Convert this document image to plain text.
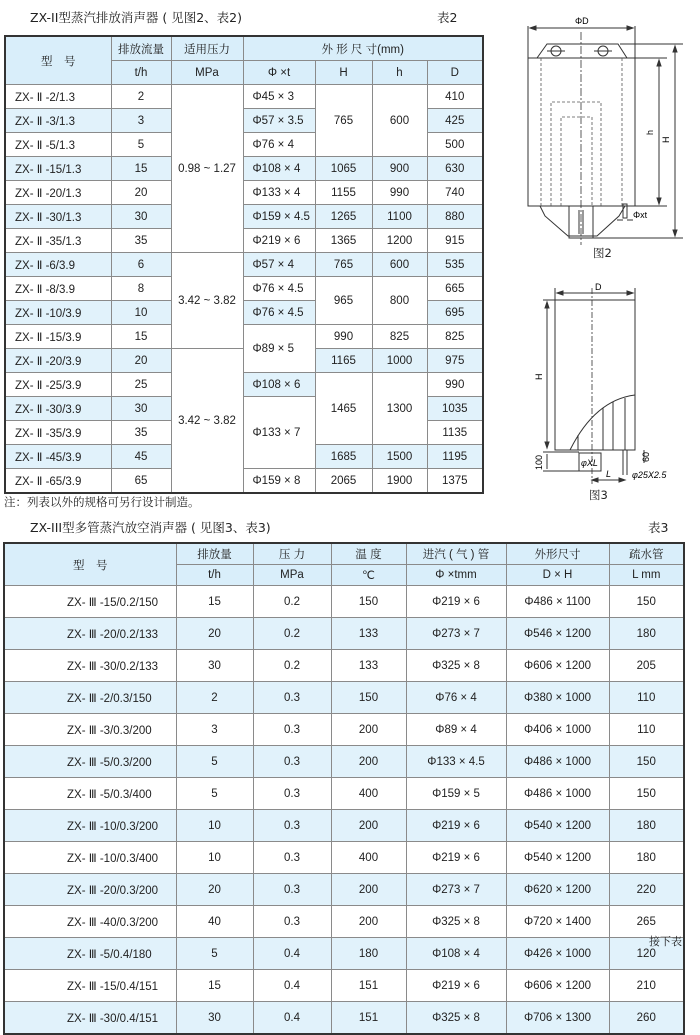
ZX-II型蒸汽排放消声器 ( 见图2、表2)	表2
型　号	排放流量	适用压力	外 形 尺 寸(mm)			
	t/h	MPa	Φ ×t	H	h	D
ZX- Ⅱ -2/1.3	2	0.98 ~ 1.27	Φ45 × 3	765	600	410
ZX- Ⅱ -3/1.3	3		Φ57 × 3.5			425
ZX- Ⅱ -5/1.3	5		Φ76 × 4			500
ZX- Ⅱ -15/1.3	15		Φ108 × 4	1065	900	630
ZX- Ⅱ -20/1.3	20		Φ133 × 4	1155	990	740
ZX- Ⅱ -30/1.3	30		Φ159 × 4.5	1265	1100	880
ZX- Ⅱ -35/1.3	35		Φ219 × 6	1365	1200	915
ZX- Ⅱ -6/3.9	6	3.42 ~ 3.82	Φ57 × 4	765	600	535
ZX- Ⅱ -8/3.9	8		Φ76 × 4.5	965	800	665
ZX- Ⅱ -10/3.9	10		Φ76 × 4.5			695
ZX- Ⅱ -15/3.9	15		Φ89 × 5	990	825	825
ZX- Ⅱ -20/3.9	20	3.42 ~ 3.82		1165	1000	975
ZX- Ⅱ -25/3.9	25		Φ108 × 6	1465	1300	990
ZX- Ⅱ -30/3.9	30		Φ133 × 7			1035
ZX- Ⅱ -35/3.9	35					1135
ZX- Ⅱ -45/3.9	45			1685	1500	1195
ZX- Ⅱ -65/3.9	65		Φ159 × 8	2065	1900	1375
注：列表以外的规格可另行设计制造。
ΦD
h
H
Φxt
图2
D
H
100	60
φXL
φ25X2.5
L
图3
ZX-III型多管蒸汽放空消声器 ( 见图3、表3)	表3
型　号	排放量	压 力	温 度	进汽 ( 气 ) 管	外形尺寸	疏水管
	t/h	MPa	℃	Φ ×tmm	D × H	L mm
ZX- Ⅲ -15/0.2/150	15	0.2	150	Φ219 × 6	Φ486 × 1100	150
ZX- Ⅲ -20/0.2/133	20	0.2	133	Φ273 × 7	Φ546 × 1200	180
ZX- Ⅲ -30/0.2/133	30	0.2	133	Φ325 × 8	Φ606 × 1200	205
ZX- Ⅲ -2/0.3/150	2	0.3	150	Φ76 × 4	Φ380 × 1000	110
ZX- Ⅲ -3/0.3/200	3	0.3	200	Φ89 × 4	Φ406 × 1000	110
ZX- Ⅲ -5/0.3/200	5	0.3	200	Φ133 × 4.5	Φ486 × 1000	150
ZX- Ⅲ -5/0.3/400	5	0.3	400	Φ159 × 5	Φ486 × 1000	150
ZX- Ⅲ -10/0.3/200	10	0.3	200	Φ219 × 6	Φ540 × 1200	180
ZX- Ⅲ -10/0.3/400	10	0.3	400	Φ219 × 6	Φ540 × 1200	180
ZX- Ⅲ -20/0.3/200	20	0.3	200	Φ273 × 7	Φ620 × 1200	220
ZX- Ⅲ -40/0.3/200	40	0.3	200	Φ325 × 8	Φ720 × 1400	265
ZX- Ⅲ -5/0.4/180	5	0.4	180	Φ108 × 4	Φ426 × 1000	120
ZX- Ⅲ -15/0.4/151	15	0.4	151	Φ219 × 6	Φ606 × 1200	210
ZX- Ⅲ -30/0.4/151	30	0.4	151	Φ325 × 8	Φ706 × 1300	260
接下表
